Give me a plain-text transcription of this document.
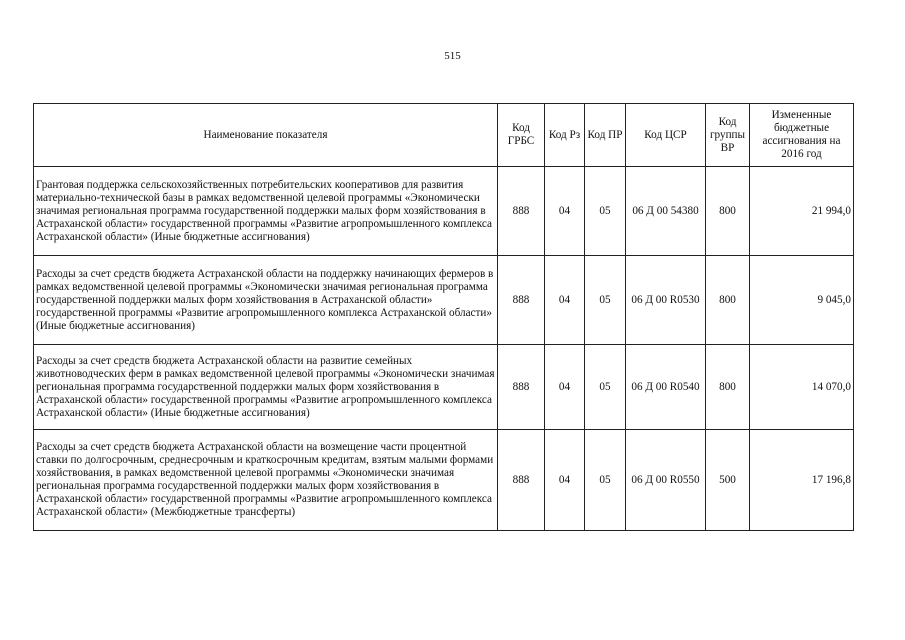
515
Наименование показателя	Код ГРБС	Код Рз	Код ПР	Код ЦСР	Код группы ВР	Измененные бюджетные ассигнования на 2016 год
Грантовая поддержка сельскохозяйственных потребительских кооперативов для развития материально-технической базы в рамках ведомственной целевой программы «Экономически значимая региональная программа государственной поддержки малых форм хозяйствования в Астраханской области» государственной программы «Развитие агропромышленного комплекса Астраханской области» (Иные бюджетные ассигнования)	888	04	05	06 Д 00 54380	800	21 994,0
Расходы за счет средств бюджета Астраханской области на поддержку начинающих фермеров в рамках ведомственной целевой программы «Экономически значимая региональная программа государственной поддержки малых форм хозяйствования в Астраханской области» государственной программы «Развитие агропромышленного комплекса Астраханской области» (Иные бюджетные ассигнования)	888	04	05	06 Д 00 R0530	800	9 045,0
Расходы за счет средств бюджета Астраханской области на развитие семейных животноводческих ферм в рамках ведомственной целевой программы «Экономически значимая региональная программа государственной поддержки малых форм хозяйствования в Астраханской области» государственной программы «Развитие агропромышленного комплекса Астраханской области» (Иные бюджетные ассигнования)	888	04	05	06 Д 00 R0540	800	14 070,0
Расходы за счет средств бюджета Астраханской области на возмещение части процентной ставки по долгосрочным, среднесрочным и краткосрочным кредитам, взятым малыми формами хозяйствования, в рамках ведомственной целевой программы «Экономически значимая региональная программа государственной поддержки малых форм хозяйствования в Астраханской области» государственной программы «Развитие агропромышленного комплекса Астраханской области» (Межбюджетные трансферты)	888	04	05	06 Д 00 R0550	500	17 196,8
